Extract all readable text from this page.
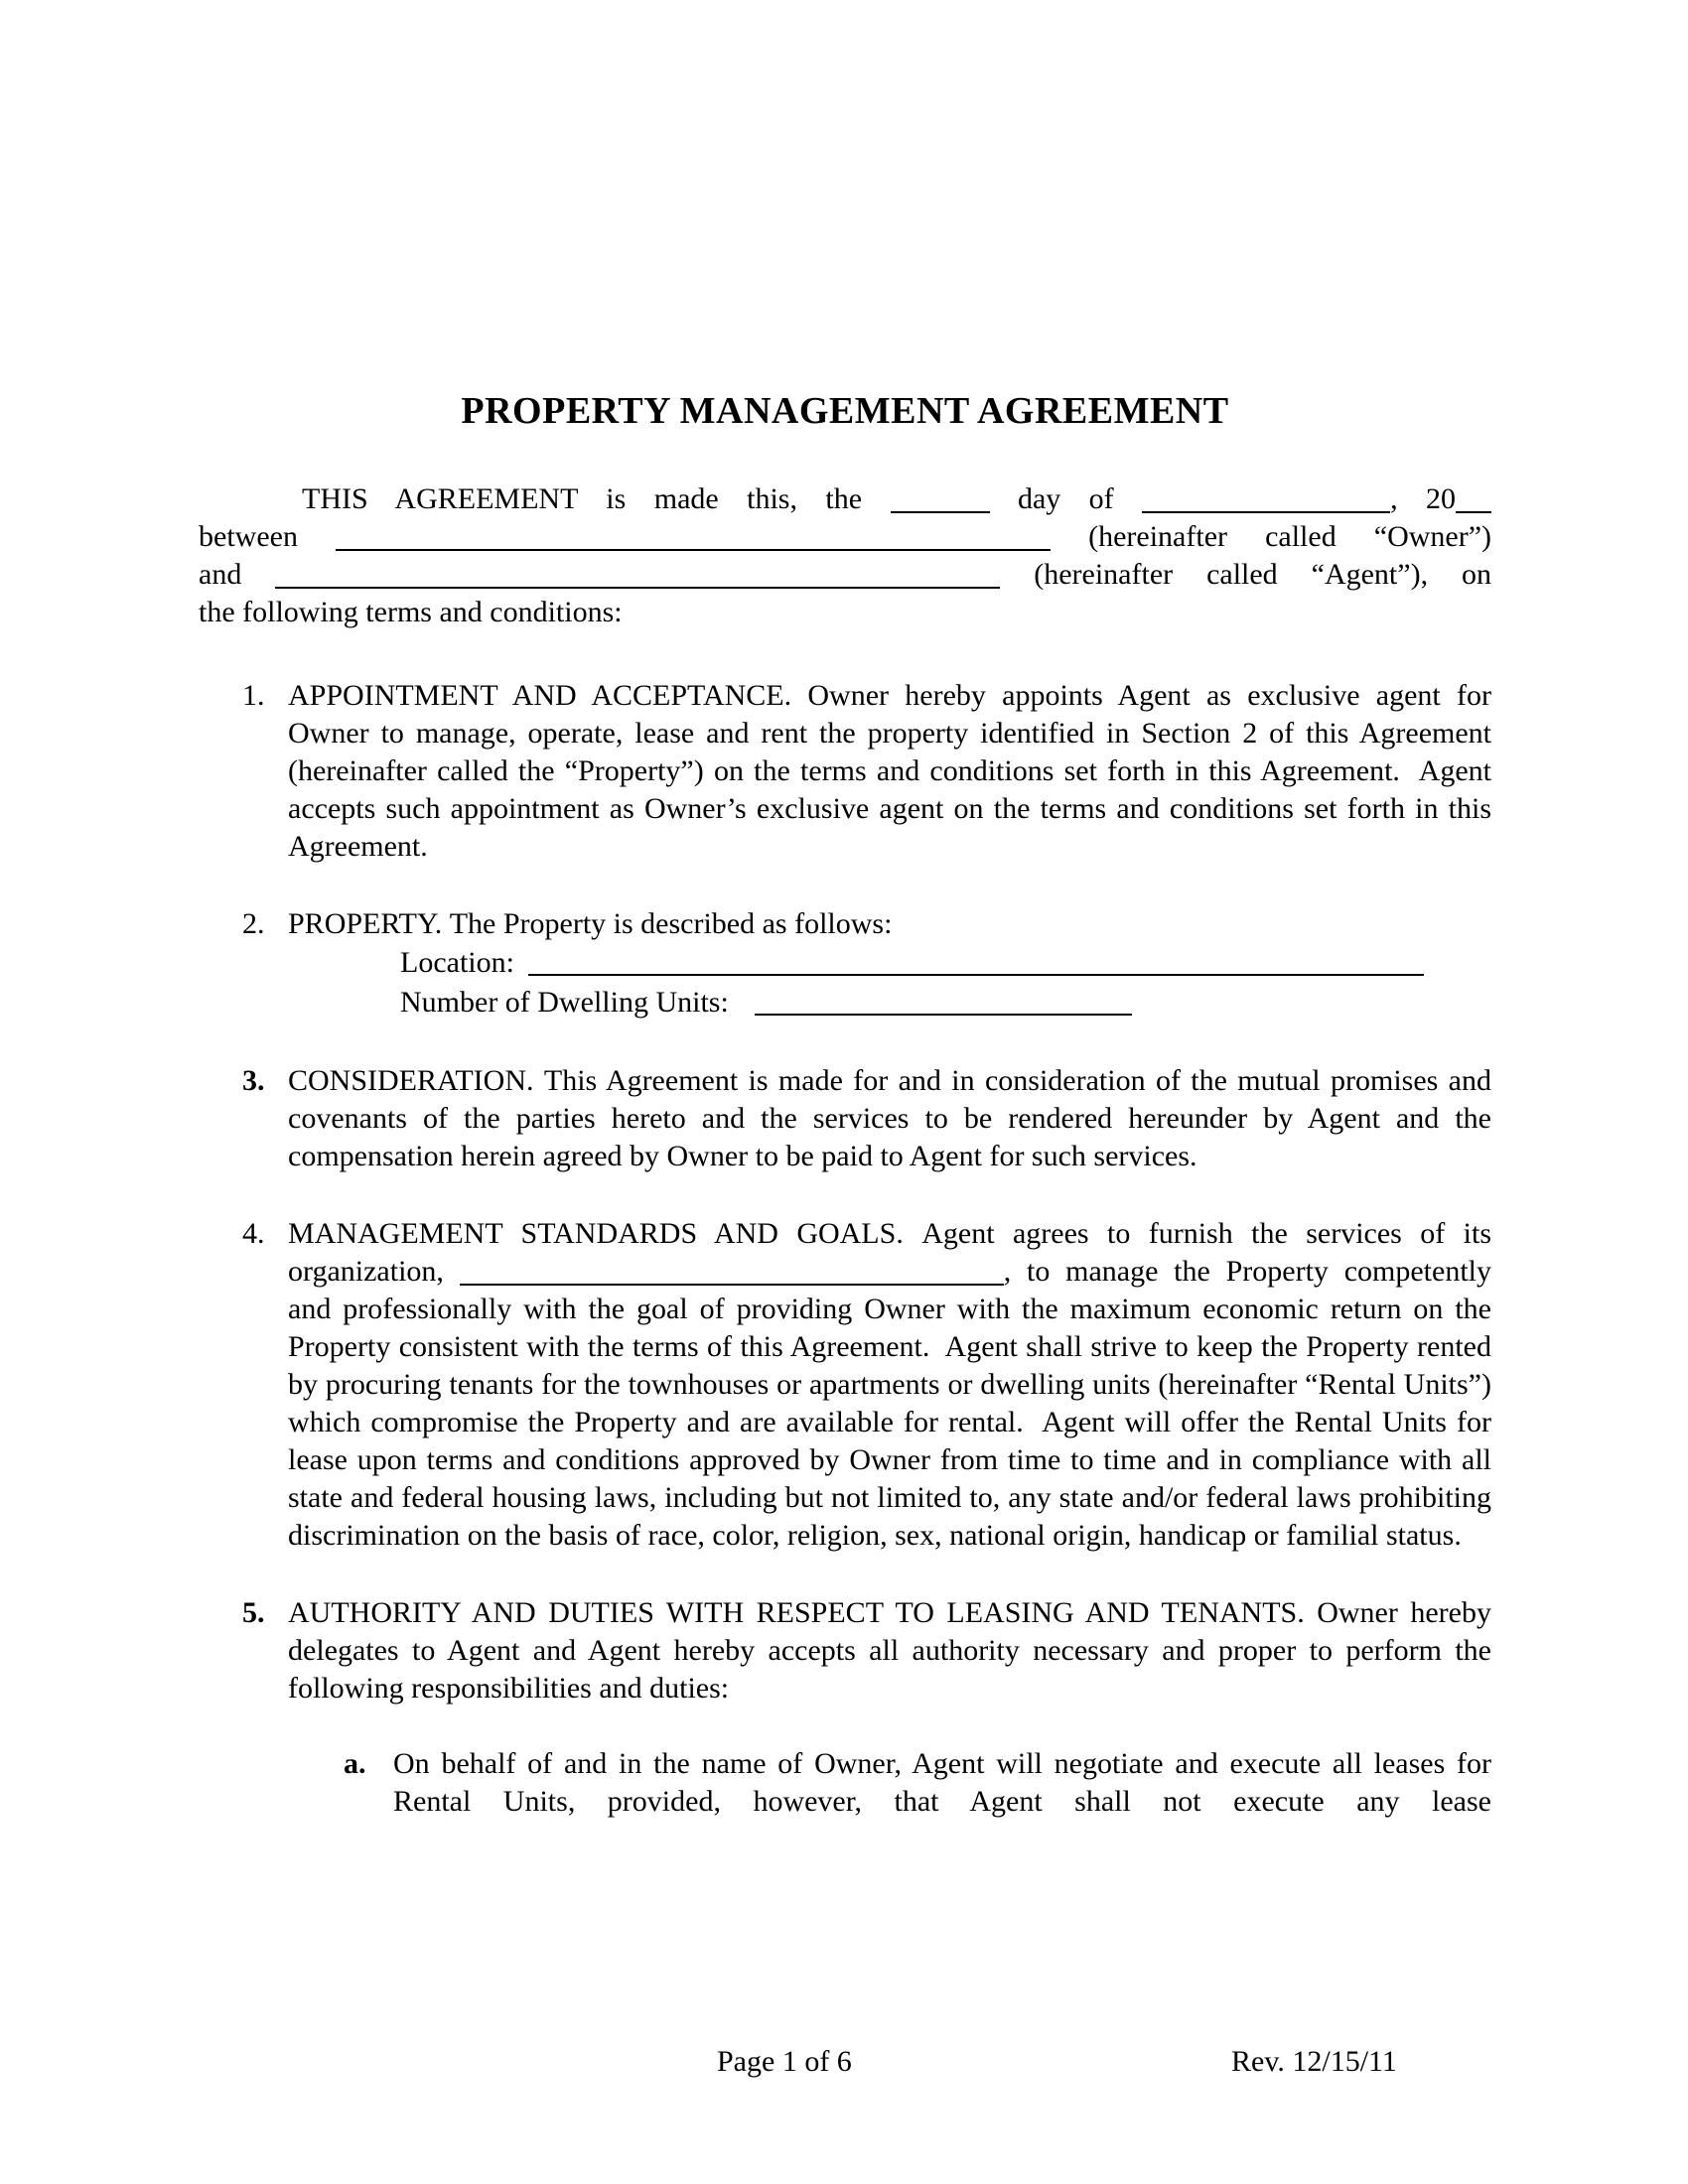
PROPERTY MANAGEMENT AGREEMENT

THIS AGREEMENT is made this, the	day of	, 20

between	(hereinafter called “Owner”)

and	(hereinafter called “Agent”), on

the following terms and conditions:

1. APPOINTMENT AND ACCEPTANCE. Owner hereby appoints Agent as exclusive agent for Owner to manage, operate, lease and rent the property identified in Section 2 of this Agreement (hereinafter called the “Property”) on the terms and conditions set forth in this Agreement.  Agent accepts such appointment as Owner’s exclusive agent on the terms and conditions set forth in this Agreement.

2. PROPERTY. The Property is described as follows:

Location:
Number of Dwelling Units:
3. CONSIDERATION. This Agreement is made for and in consideration of the mutual promises and covenants of the parties hereto and the services to be rendered hereunder by Agent and the compensation herein agreed by Owner to be paid to Agent for such services.

4. MANAGEMENT STANDARDS AND GOALS. Agent agrees to furnish the services of its organization,	, to manage the Property competently and professionally with the goal of providing Owner with the maximum economic return on the Property consistent with the terms of this Agreement.  Agent shall strive to keep the Property rented by procuring tenants for the townhouses or apartments or dwelling units (hereinafter “Rental Units”) which compromise the Property and are available for rental.  Agent will offer the Rental Units for lease upon terms and conditions approved by Owner from time to time and in compliance with all state and federal housing laws, including but not limited to, any state and/or federal laws prohibiting discrimination on the basis of race, color, religion, sex, national origin, handicap or familial status.

5. AUTHORITY AND DUTIES WITH RESPECT TO LEASING AND TENANTS. Owner hereby delegates to Agent and Agent hereby accepts all authority necessary and proper to perform the following responsibilities and duties:

a. On behalf of and in the name of Owner, Agent will negotiate and execute all leases for Rental Units, provided, however, that Agent shall not execute any lease

Page 1 of 6	Rev. 12/15/11
